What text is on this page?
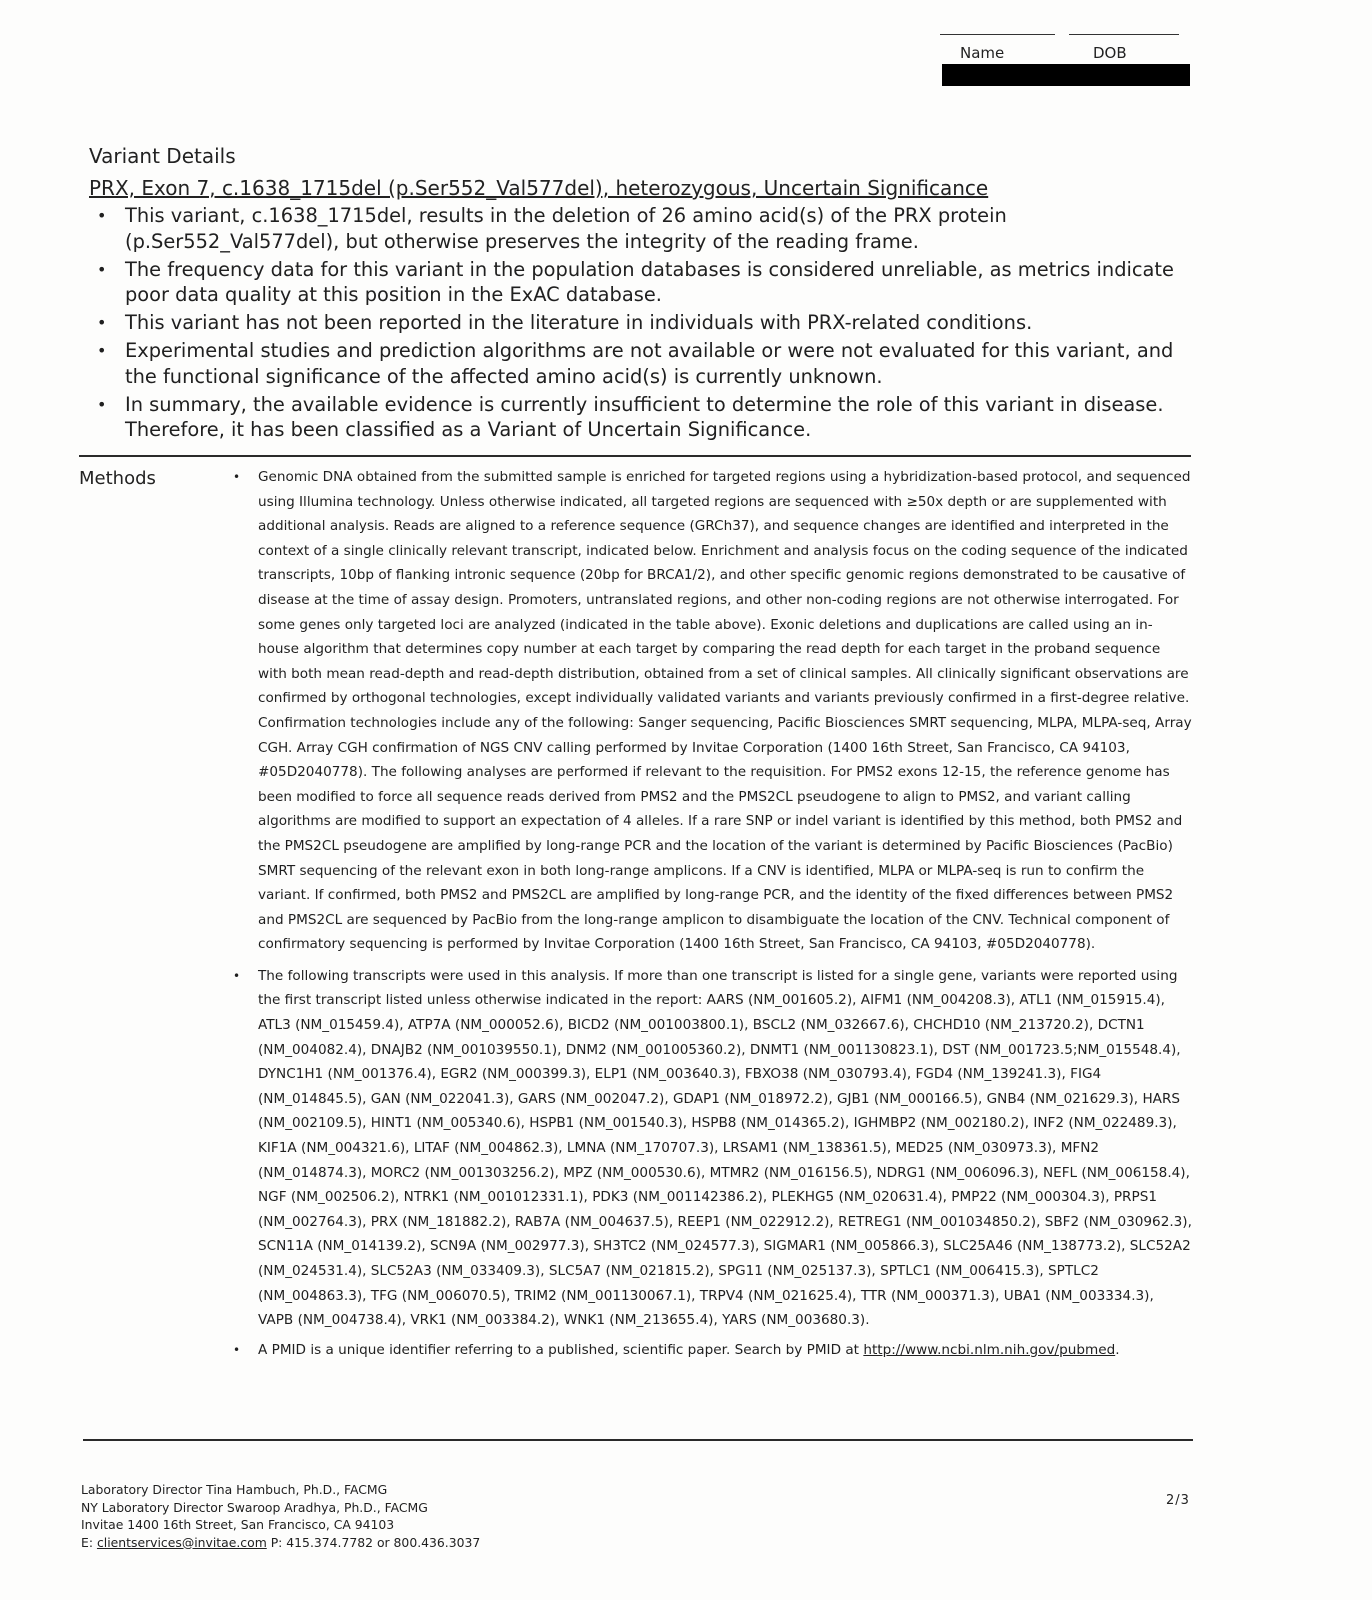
Name	DOB
Variant Details
PRX, Exon 7, c.1638_1715del (p.Ser552_Val577del), heterozygous, Uncertain Significance
• This variant, c.1638_1715del, results in the deletion of 26 amino acid(s) of the PRX protein (p.Ser552_Val577del), but otherwise preserves the integrity of the reading frame.
• The frequency data for this variant in the population databases is considered unreliable, as metrics indicate poor data quality at this position in the ExAC database.
• This variant has not been reported in the literature in individuals with PRX-related conditions.
• Experimental studies and prediction algorithms are not available or were not evaluated for this variant, and the functional significance of the affected amino acid(s) is currently unknown.
• In summary, the available evidence is currently insufficient to determine the role of this variant in disease. Therefore, it has been classified as a Variant of Uncertain Significance.
Methods
•	Genomic DNA obtained from the submitted sample is enriched for targeted regions using a hybridization-based protocol, and sequenced using Illumina technology. Unless otherwise indicated, all targeted regions are sequenced with ≥50x depth or are supplemented with additional analysis. Reads are aligned to a reference sequence (GRCh37), and sequence changes are identified and interpreted in the context of a single clinically relevant transcript, indicated below. Enrichment and analysis focus on the coding sequence of the indicated transcripts, 10bp of flanking intronic sequence (20bp for BRCA1/2), and other specific genomic regions demonstrated to be causative of disease at the time of assay design. Promoters, untranslated regions, and other non-coding regions are not otherwise interrogated. For some genes only targeted loci are analyzed (indicated in the table above). Exonic deletions and duplications are called using an in-house algorithm that determines copy number at each target by comparing the read depth for each target in the proband sequence with both mean read-depth and read-depth distribution, obtained from a set of clinical samples. All clinically significant observations are confirmed by orthogonal technologies, except individually validated variants and variants previously confirmed in a first-degree relative. Confirmation technologies include any of the following: Sanger sequencing, Pacific Biosciences SMRT sequencing, MLPA, MLPA-seq, Array CGH. Array CGH confirmation of NGS CNV calling performed by Invitae Corporation (1400 16th Street, San Francisco, CA 94103, #05D2040778). The following analyses are performed if relevant to the requisition. For PMS2 exons 12-15, the reference genome has been modified to force all sequence reads derived from PMS2 and the PMS2CL pseudogene to align to PMS2, and variant calling algorithms are modified to support an expectation of 4 alleles. If a rare SNP or indel variant is identified by this method, both PMS2 and the PMS2CL pseudogene are amplified by long-range PCR and the location of the variant is determined by Pacific Biosciences (PacBio) SMRT sequencing of the relevant exon in both long-range amplicons. If a CNV is identified, MLPA or MLPA-seq is run to confirm the variant. If confirmed, both PMS2 and PMS2CL are amplified by long-range PCR, and the identity of the fixed differences between PMS2 and PMS2CL are sequenced by PacBio from the long-range amplicon to disambiguate the location of the CNV. Technical component of confirmatory sequencing is performed by Invitae Corporation (1400 16th Street, San Francisco, CA 94103, #05D2040778).
• The following transcripts were used in this analysis. If more than one transcript is listed for a single gene, variants were reported using the first transcript listed unless otherwise indicated in the report: AARS (NM_001605.2), AIFM1 (NM_004208.3), ATL1 (NM_015915.4), ATL3 (NM_015459.4), ATP7A (NM_000052.6), BICD2 (NM_001003800.1), BSCL2 (NM_032667.6), CHCHD10 (NM_213720.2), DCTN1 (NM_004082.4), DNAJB2 (NM_001039550.1), DNM2 (NM_001005360.2), DNMT1 (NM_001130823.1), DST (NM_001723.5;NM_015548.4), DYNC1H1 (NM_001376.4), EGR2 (NM_000399.3), ELP1 (NM_003640.3), FBXO38 (NM_030793.4), FGD4 (NM_139241.3), FIG4 (NM_014845.5), GAN (NM_022041.3), GARS (NM_002047.2), GDAP1 (NM_018972.2), GJB1 (NM_000166.5), GNB4 (NM_021629.3), HARS (NM_002109.5), HINT1 (NM_005340.6), HSPB1 (NM_001540.3), HSPB8 (NM_014365.2), IGHMBP2 (NM_002180.2), INF2 (NM_022489.3), KIF1A (NM_004321.6), LITAF (NM_004862.3), LMNA (NM_170707.3), LRSAM1 (NM_138361.5), MED25 (NM_030973.3), MFN2 (NM_014874.3), MORC2 (NM_001303256.2), MPZ (NM_000530.6), MTMR2 (NM_016156.5), NDRG1 (NM_006096.3), NEFL (NM_006158.4), NGF (NM_002506.2), NTRK1 (NM_001012331.1), PDK3 (NM_001142386.2), PLEKHG5 (NM_020631.4), PMP22 (NM_000304.3), PRPS1 (NM_002764.3), PRX (NM_181882.2), RAB7A (NM_004637.5), REEP1 (NM_022912.2), RETREG1 (NM_001034850.2), SBF2 (NM_030962.3), SCN11A (NM_014139.2), SCN9A (NM_002977.3), SH3TC2 (NM_024577.3), SIGMAR1 (NM_005866.3), SLC25A46 (NM_138773.2), SLC52A2 (NM_024531.4), SLC52A3 (NM_033409.3), SLC5A7 (NM_021815.2), SPG11 (NM_025137.3), SPTLC1 (NM_006415.3), SPTLC2 (NM_004863.3), TFG (NM_006070.5), TRIM2 (NM_001130067.1), TRPV4 (NM_021625.4), TTR (NM_000371.3), UBA1 (NM_003334.3), VAPB (NM_004738.4), VRK1 (NM_003384.2), WNK1 (NM_213655.4), YARS (NM_003680.3).
• A PMID is a unique identifier referring to a published, scientific paper. Search by PMID at http://www.ncbi.nlm.nih.gov/pubmed.
Laboratory Director Tina Hambuch, Ph.D., FACMG
NY Laboratory Director Swaroop Aradhya, Ph.D., FACMG
Invitae 1400 16th Street, San Francisco, CA 94103
E: clientservices@invitae.com P: 415.374.7782 or 800.436.3037
2/3
